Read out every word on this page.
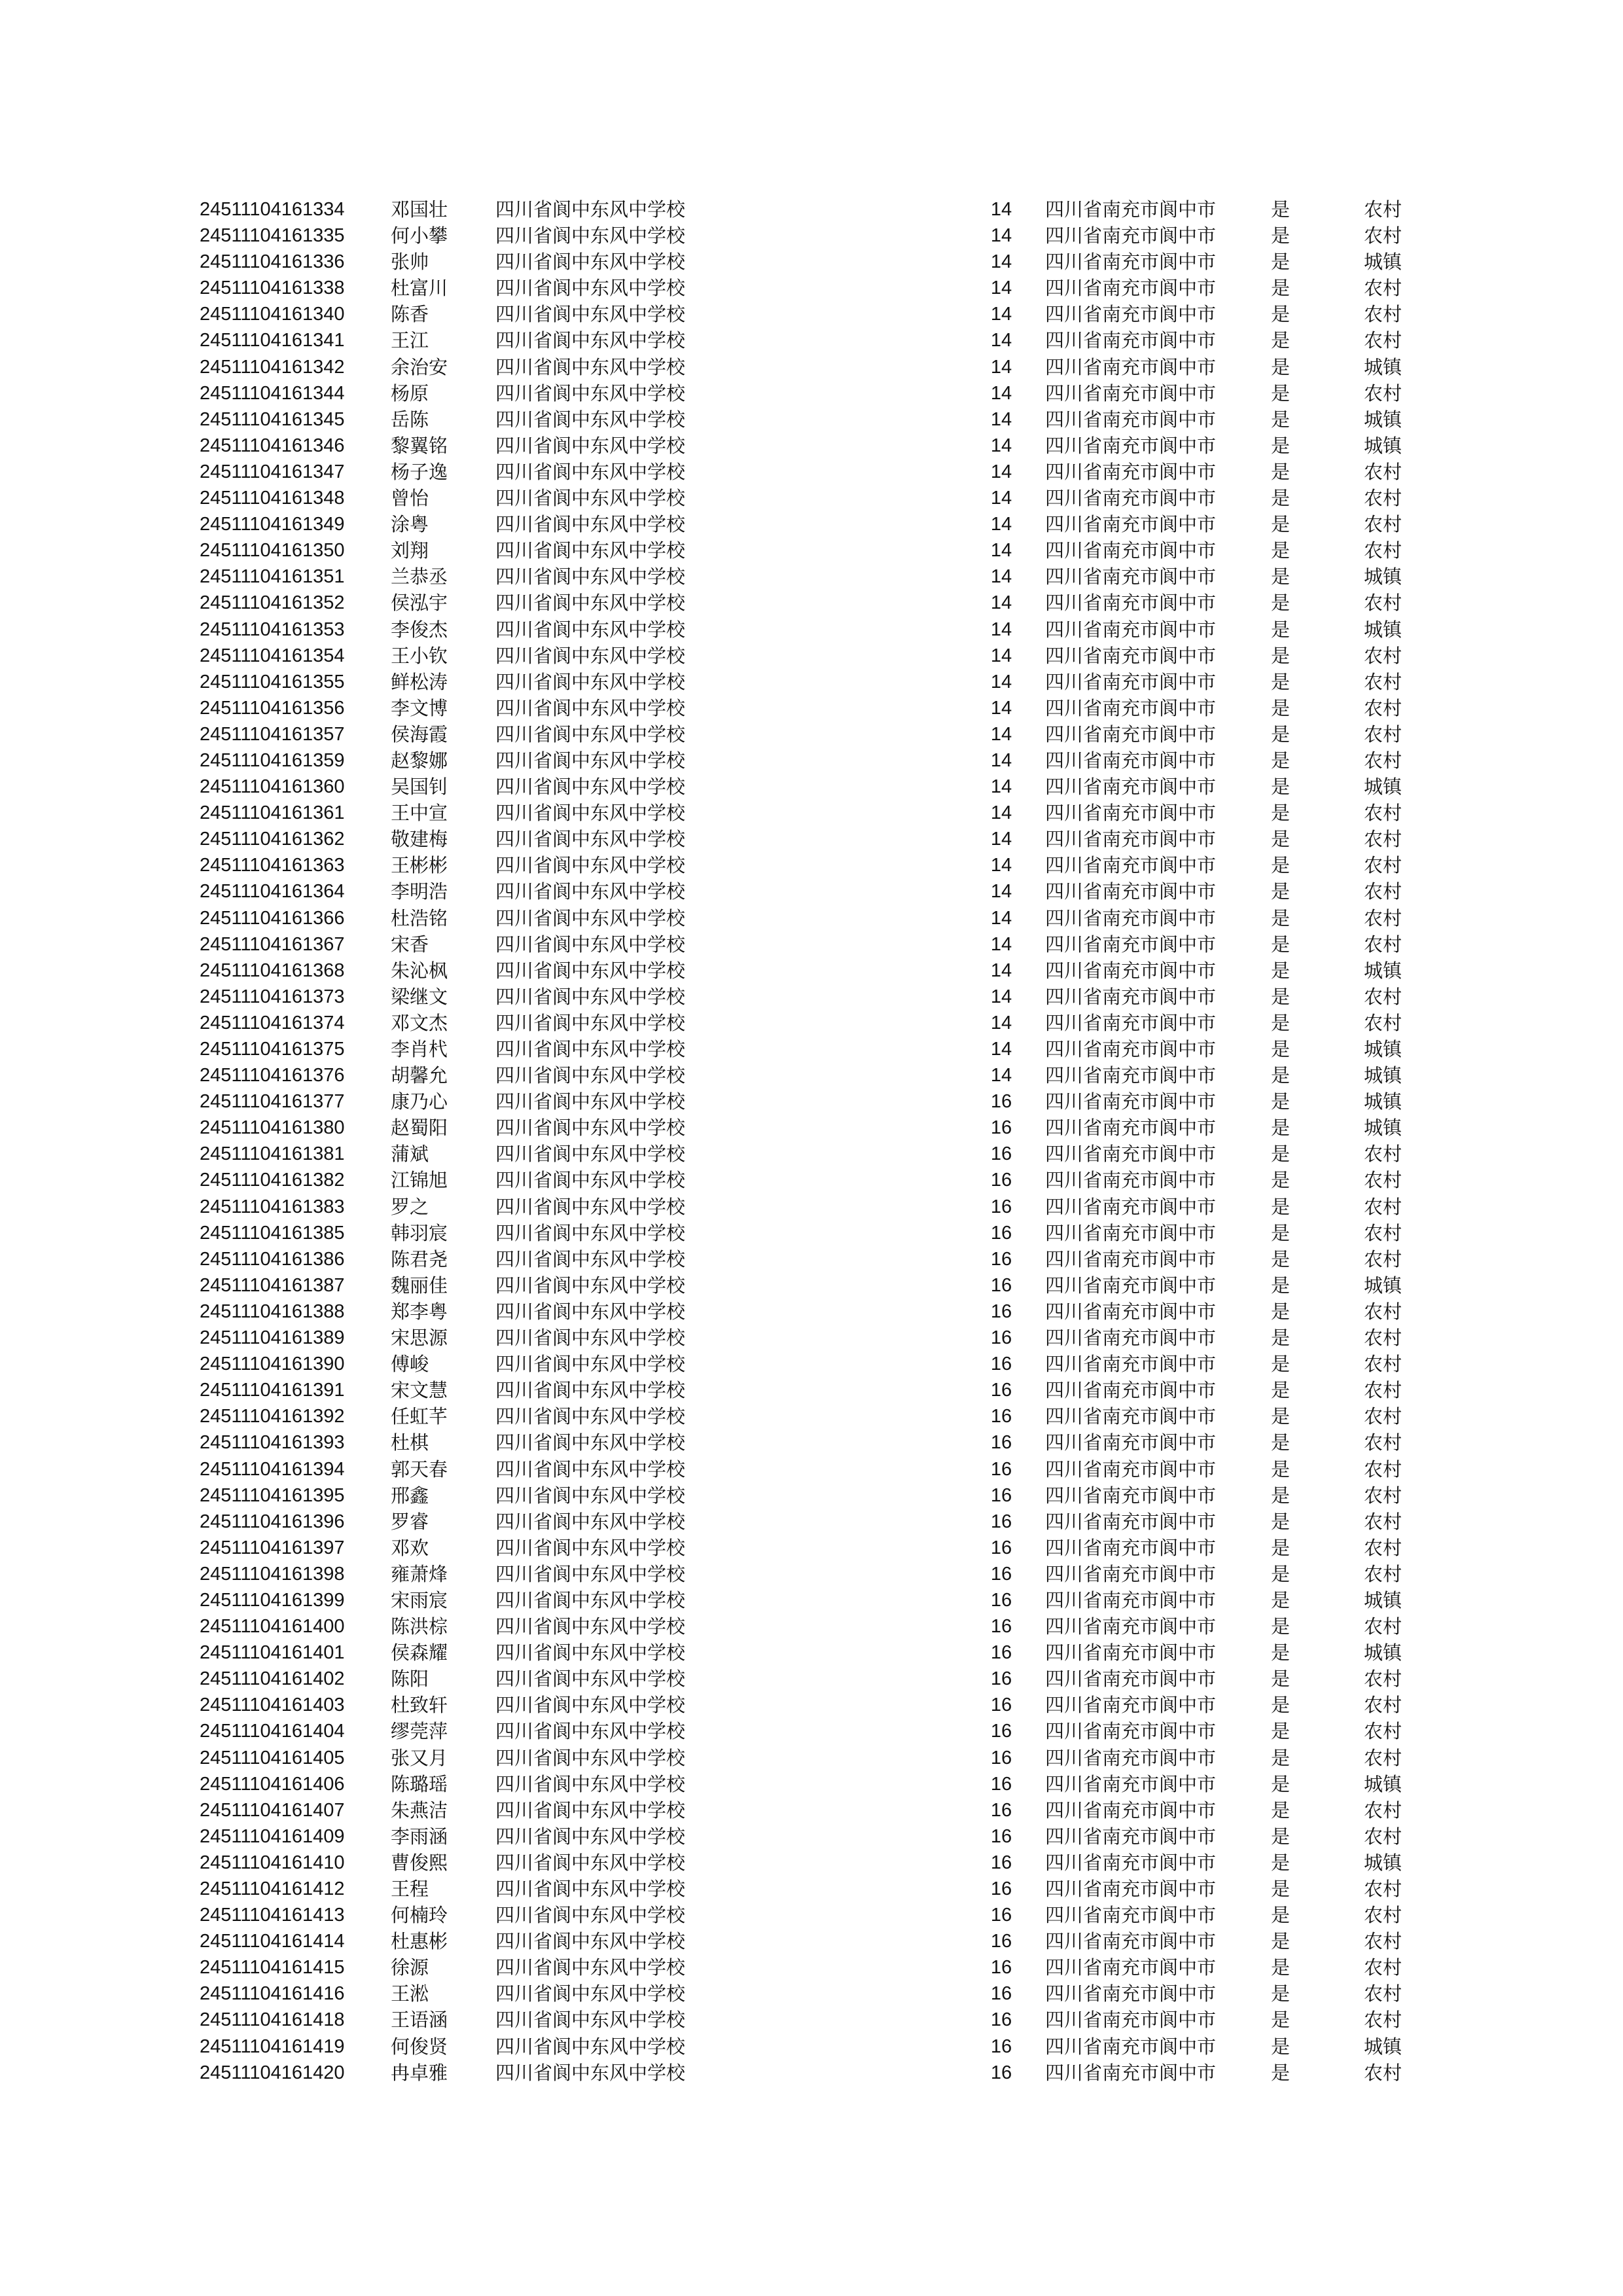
24511104161334 邓国壮	四川省阆中东风中学校	14	四川省南充市阆中市	是	农村
24511104161335 何小攀	四川省阆中东风中学校	14	四川省南充市阆中市	是	农村
24511104161336 张帅	四川省阆中东风中学校	14	四川省南充市阆中市	是	城镇
24511104161338 杜富川	四川省阆中东风中学校	14	四川省南充市阆中市	是	农村
24511104161340 陈香	四川省阆中东风中学校	14	四川省南充市阆中市	是	农村
24511104161341 王江	四川省阆中东风中学校	14	四川省南充市阆中市	是	农村
24511104161342 余治安	四川省阆中东风中学校	14	四川省南充市阆中市	是	城镇
24511104161344 杨原	四川省阆中东风中学校	14	四川省南充市阆中市	是	农村
24511104161345 岳陈	四川省阆中东风中学校	14	四川省南充市阆中市	是	城镇
24511104161346 黎翼铭	四川省阆中东风中学校	14	四川省南充市阆中市	是	城镇
24511104161347 杨子逸	四川省阆中东风中学校	14	四川省南充市阆中市	是	农村
24511104161348 曾怡	四川省阆中东风中学校	14	四川省南充市阆中市	是	农村
24511104161349 涂粤	四川省阆中东风中学校	14	四川省南充市阆中市	是	农村
24511104161350 刘翔	四川省阆中东风中学校	14	四川省南充市阆中市	是	农村
24511104161351 兰恭丞	四川省阆中东风中学校	14	四川省南充市阆中市	是	城镇
24511104161352 侯泓宇	四川省阆中东风中学校	14	四川省南充市阆中市	是	农村
24511104161353 李俊杰	四川省阆中东风中学校	14	四川省南充市阆中市	是	城镇
24511104161354 王小钦	四川省阆中东风中学校	14	四川省南充市阆中市	是	农村
24511104161355 鲜松涛	四川省阆中东风中学校	14	四川省南充市阆中市	是	农村
24511104161356 李文博	四川省阆中东风中学校	14	四川省南充市阆中市	是	农村
24511104161357 侯海霞	四川省阆中东风中学校	14	四川省南充市阆中市	是	农村
24511104161359 赵黎娜	四川省阆中东风中学校	14	四川省南充市阆中市	是	农村
24511104161360 吴国钊	四川省阆中东风中学校	14	四川省南充市阆中市	是	城镇
24511104161361 王中宣	四川省阆中东风中学校	14	四川省南充市阆中市	是	农村
24511104161362 敬建梅	四川省阆中东风中学校	14	四川省南充市阆中市	是	农村
24511104161363 王彬彬	四川省阆中东风中学校	14	四川省南充市阆中市	是	农村
24511104161364 李明浩	四川省阆中东风中学校	14	四川省南充市阆中市	是	农村
24511104161366 杜浩铭	四川省阆中东风中学校	14	四川省南充市阆中市	是	农村
24511104161367 宋香	四川省阆中东风中学校	14	四川省南充市阆中市	是	农村
24511104161368 朱沁枫	四川省阆中东风中学校	14	四川省南充市阆中市	是	城镇
24511104161373 梁继文	四川省阆中东风中学校	14	四川省南充市阆中市	是	农村
24511104161374 邓文杰	四川省阆中东风中学校	14	四川省南充市阆中市	是	农村
24511104161375 李肖杙	四川省阆中东风中学校	14	四川省南充市阆中市	是	城镇
24511104161376 胡馨允	四川省阆中东风中学校	14	四川省南充市阆中市	是	城镇
24511104161377 康乃心	四川省阆中东风中学校	16	四川省南充市阆中市	是	城镇
24511104161380 赵蜀阳	四川省阆中东风中学校	16	四川省南充市阆中市	是	城镇
24511104161381 蒲斌	四川省阆中东风中学校	16	四川省南充市阆中市	是	农村
24511104161382 江锦旭	四川省阆中东风中学校	16	四川省南充市阆中市	是	农村
24511104161383 罗之	四川省阆中东风中学校	16	四川省南充市阆中市	是	农村
24511104161385 韩羽宸	四川省阆中东风中学校	16	四川省南充市阆中市	是	农村
24511104161386 陈君尧	四川省阆中东风中学校	16	四川省南充市阆中市	是	农村
24511104161387 魏丽佳	四川省阆中东风中学校	16	四川省南充市阆中市	是	城镇
24511104161388 郑李粤	四川省阆中东风中学校	16	四川省南充市阆中市	是	农村
24511104161389 宋思源	四川省阆中东风中学校	16	四川省南充市阆中市	是	农村
24511104161390 傅峻	四川省阆中东风中学校	16	四川省南充市阆中市	是	农村
24511104161391 宋文慧	四川省阆中东风中学校	16	四川省南充市阆中市	是	农村
24511104161392 任虹芊	四川省阆中东风中学校	16	四川省南充市阆中市	是	农村
24511104161393 杜棋	四川省阆中东风中学校	16	四川省南充市阆中市	是	农村
24511104161394 郭天春	四川省阆中东风中学校	16	四川省南充市阆中市	是	农村
24511104161395 邢鑫	四川省阆中东风中学校	16	四川省南充市阆中市	是	农村
24511104161396 罗睿	四川省阆中东风中学校	16	四川省南充市阆中市	是	农村
24511104161397 邓欢	四川省阆中东风中学校	16	四川省南充市阆中市	是	农村
24511104161398 雍萧烽	四川省阆中东风中学校	16	四川省南充市阆中市	是	农村
24511104161399 宋雨宸	四川省阆中东风中学校	16	四川省南充市阆中市	是	城镇
24511104161400 陈洪棕	四川省阆中东风中学校	16	四川省南充市阆中市	是	农村
24511104161401 侯森耀	四川省阆中东风中学校	16	四川省南充市阆中市	是	城镇
24511104161402 陈阳	四川省阆中东风中学校	16	四川省南充市阆中市	是	农村
24511104161403 杜致轩	四川省阆中东风中学校	16	四川省南充市阆中市	是	农村
24511104161404 缪莞萍	四川省阆中东风中学校	16	四川省南充市阆中市	是	农村
24511104161405 张又月	四川省阆中东风中学校	16	四川省南充市阆中市	是	农村
24511104161406 陈璐瑶	四川省阆中东风中学校	16	四川省南充市阆中市	是	城镇
24511104161407 朱燕洁	四川省阆中东风中学校	16	四川省南充市阆中市	是	农村
24511104161409 李雨涵	四川省阆中东风中学校	16	四川省南充市阆中市	是	农村
24511104161410 曹俊熙	四川省阆中东风中学校	16	四川省南充市阆中市	是	城镇
24511104161412 王程	四川省阆中东风中学校	16	四川省南充市阆中市	是	农村
24511104161413 何楠玲	四川省阆中东风中学校	16	四川省南充市阆中市	是	农村
24511104161414 杜惠彬	四川省阆中东风中学校	16	四川省南充市阆中市	是	农村
24511104161415 徐源	四川省阆中东风中学校	16	四川省南充市阆中市	是	农村
24511104161416 王淞	四川省阆中东风中学校	16	四川省南充市阆中市	是	农村
24511104161418 王语涵	四川省阆中东风中学校	16	四川省南充市阆中市	是	农村
24511104161419 何俊贤	四川省阆中东风中学校	16	四川省南充市阆中市	是	城镇
24511104161420 冉卓雅	四川省阆中东风中学校	16	四川省南充市阆中市	是	农村
